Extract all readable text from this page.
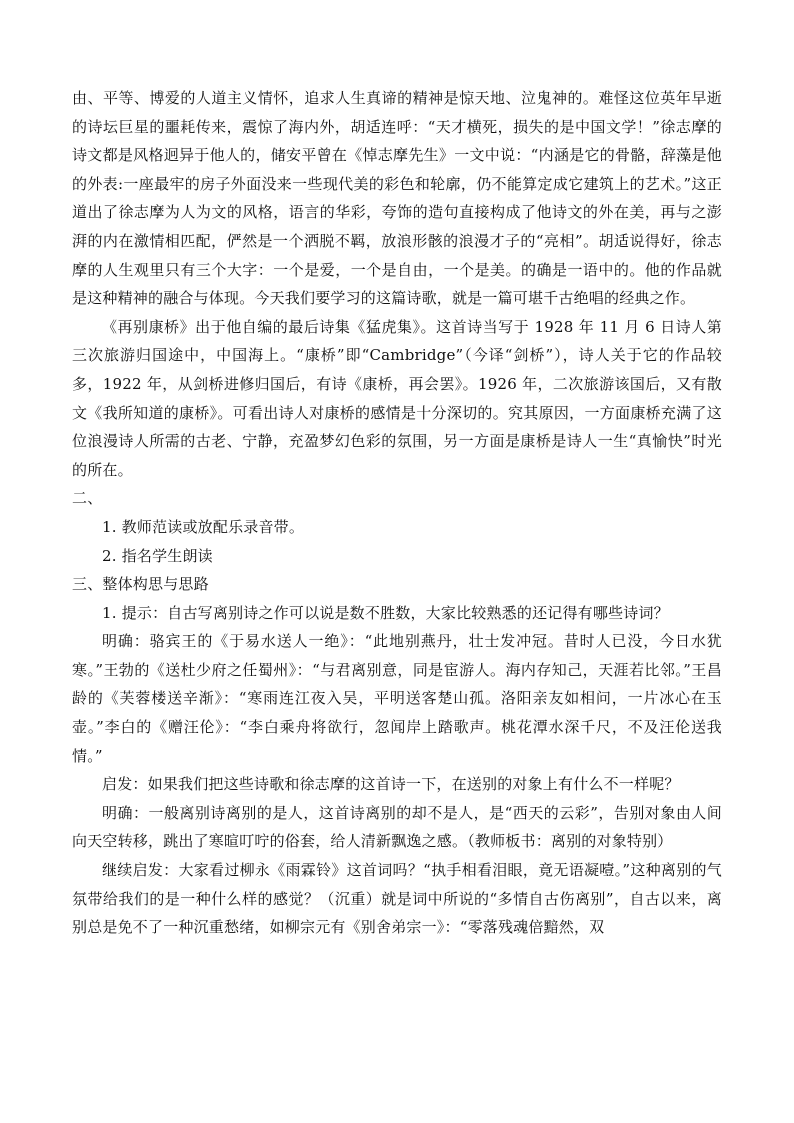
由、平等、博爱的人道主义情怀，追求人生真谛的精神是惊天地、泣鬼神的。难怪这位英年早逝的诗坛巨星的噩耗传来，震惊了海内外，胡适连呼：“天才横死，损失的是中国文学！”徐志摩的诗文都是风格迥异于他人的，储安平曾在《悼志摩先生》一文中说：“内涵是它的骨骼，辞藻是他的外表:一座最牢的房子外面没来一些现代美的彩色和轮廓，仍不能算定成它建筑上的艺术。”这正道出了徐志摩为人为文的风格，语言的华彩，夸饰的造句直接构成了他诗文的外在美，再与之澎湃的内在激情相匹配，俨然是一个洒脱不羁，放浪形骸的浪漫才子的“亮相”。胡适说得好，徐志摩的人生观里只有三个大字：一个是爱，一个是自由，一个是美。的确是一语中的。他的作品就是这种精神的融合与体现。今天我们要学习的这篇诗歌，就是一篇可堪千古绝唱的经典之作。

《再别康桥》出于他自编的最后诗集《猛虎集》。这首诗当写于 1928 年 11 月 6 日诗人第三次旅游归国途中，中国海上。“康桥”即“Cambridge”（今译“剑桥”），诗人关于它的作品较多，1922 年，从剑桥进修归国后，有诗《康桥，再会罢》。1926 年，二次旅游该国后，又有散文《我所知道的康桥》。可看出诗人对康桥的感情是十分深切的。究其原因，一方面康桥充满了这位浪漫诗人所需的古老、宁静，充盈梦幻色彩的氛围，另一方面是康桥是诗人一生“真愉快”时光的所在。

二、

1. 教师范读或放配乐录音带。

2. 指名学生朗读

三、整体构思与思路

1. 提示：自古写离别诗之作可以说是数不胜数，大家比较熟悉的还记得有哪些诗词？

明确：骆宾王的《于易水送人一绝》：“此地别燕丹，壮士发冲冠。昔时人已没，今日水犹寒。”王勃的《送杜少府之任蜀州》：“与君离别意，同是宦游人。海内存知己，天涯若比邻。”王昌龄的《芙蓉楼送辛渐》：“寒雨连江夜入吴，平明送客楚山孤。洛阳亲友如相问，一片冰心在玉壶。”李白的《赠汪伦》：“李白乘舟将欲行，忽闻岸上踏歌声。桃花潭水深千尺，不及汪伦送我情。”

启发：如果我们把这些诗歌和徐志摩的这首诗一下，在送别的对象上有什么不一样呢？

明确：一般离别诗离别的是人，这首诗离别的却不是人，是“西天的云彩”，告别对象由人间向天空转移，跳出了寒暄叮咛的俗套，给人清新飘逸之感。（教师板书：离别的对象特别）

继续启发：大家看过柳永《雨霖铃》这首词吗？“执手相看泪眼，竟无语凝噎。”这种离别的气氛带给我们的是一种什么样的感觉？（沉重）就是词中所说的“多情自古伤离别”，自古以来，离别总是免不了一种沉重愁绪，如柳宗元有《别舍弟宗一》：“零落残魂倍黯然，双
